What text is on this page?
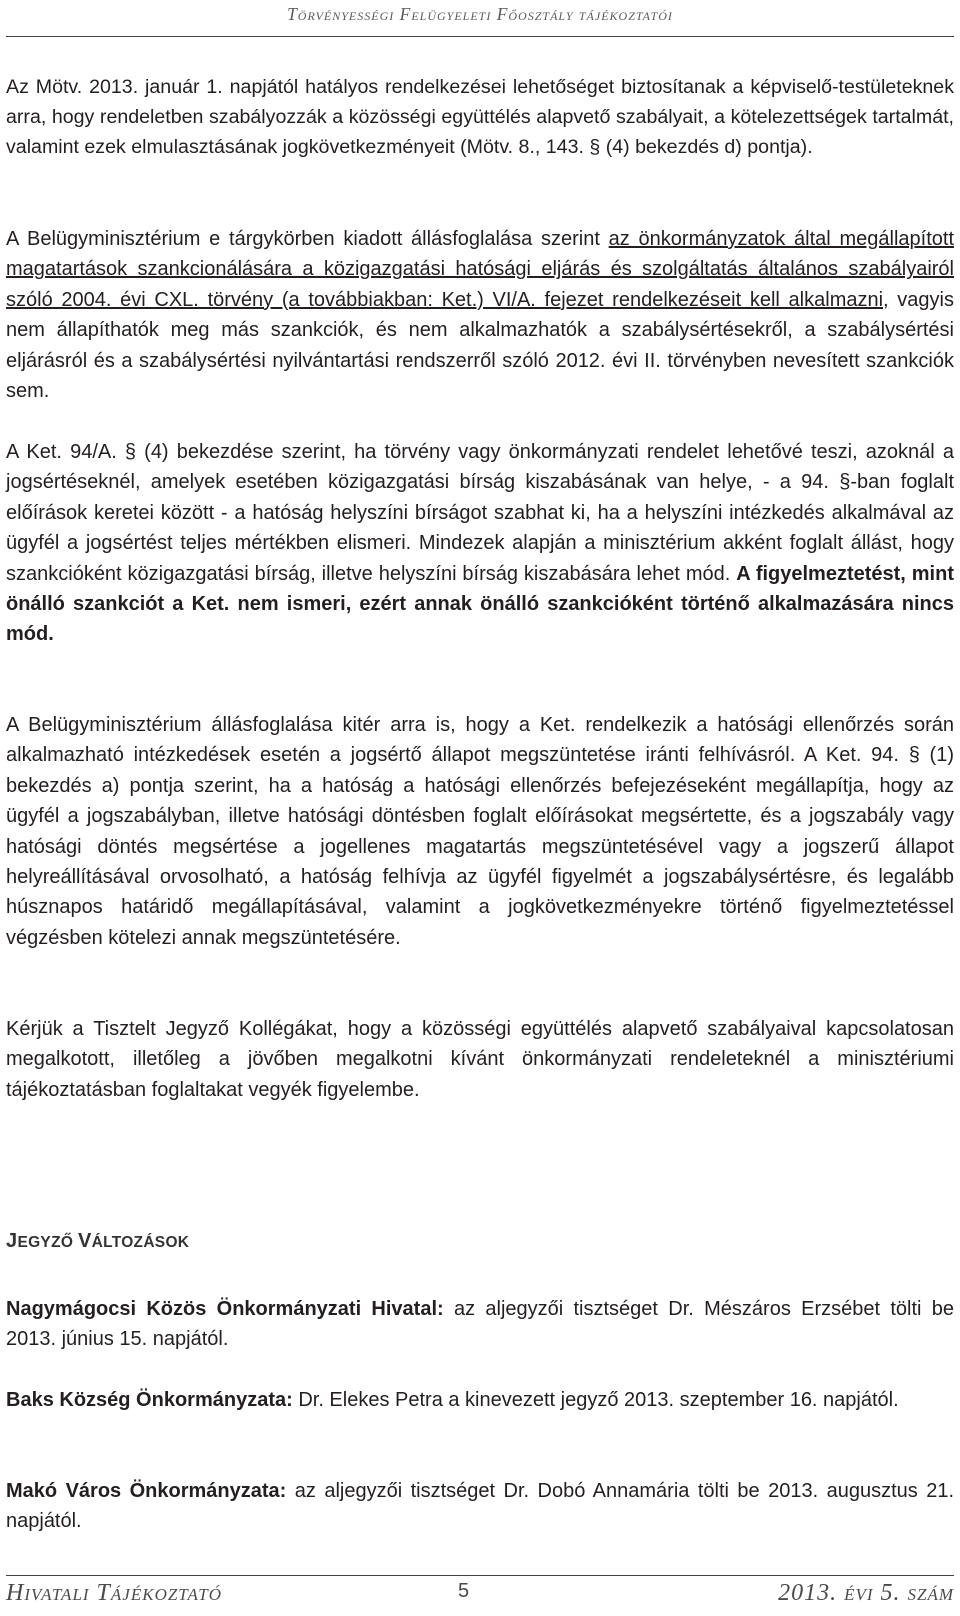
Törvényességi Felügyeleti Főosztály tájékoztatói

Az Mötv. 2013. január 1. napjától hatályos rendelkezései lehetőséget biztosítanak a képviselő-testületeknek arra, hogy rendeletben szabályozzák a közösségi együttélés alapvető szabályait, a kötelezettségek tartalmát, valamint ezek elmulasztásának jogkövetkezményeit (Mötv. 8., 143. § (4) bekezdés d) pontja).

A Belügyminisztérium e tárgykörben kiadott állásfoglalása szerint az önkormányzatok által megállapított magatartások szankcionálására a közigazgatási hatósági eljárás és szolgáltatás általános szabályairól szóló 2004. évi CXL. törvény (a továbbiakban: Ket.) VI/A. fejezet rendelkezéseit kell alkalmazni, vagyis nem állapíthatók meg más szankciók, és nem alkalmazhatók a szabálysértésekről, a szabálysértési eljárásról és a szabálysértési nyilvántartási rendszerről szóló 2012. évi II. törvényben nevesített szankciók sem.

A Ket. 94/A. § (4) bekezdése szerint, ha törvény vagy önkormányzati rendelet lehetővé teszi, azoknál a jogsértéseknél, amelyek esetében közigazgatási bírság kiszabásának van helye, - a 94. §-ban foglalt előírások keretei között - a hatóság helyszíni bírságot szabhat ki, ha a helyszíni intézkedés alkalmával az ügyfél a jogsértést teljes mértékben elismeri. Mindezek alapján a minisztérium akként foglalt állást, hogy szankcióként közigazgatási bírság, illetve helyszíni bírság kiszabására lehet mód. A figyelmeztetést, mint önálló szankciót a Ket. nem ismeri, ezért annak önálló szankcióként történő alkalmazására nincs mód.

A Belügyminisztérium állásfoglalása kitér arra is, hogy a Ket. rendelkezik a hatósági ellenőrzés során alkalmazható intézkedések esetén a jogsértő állapot megszüntetése iránti felhívásról. A Ket. 94. § (1) bekezdés a) pontja szerint, ha a hatóság a hatósági ellenőrzés befejezéseként megállapítja, hogy az ügyfél a jogszabályban, illetve hatósági döntésben foglalt előírásokat megsértette, és a jogszabály vagy hatósági döntés megsértése a jogellenes magatartás megszüntetésével vagy a jogszerű állapot helyreállításával orvosolható, a hatóság felhívja az ügyfél figyelmét a jogszabálysértésre, és legalább húsznapos határidő megállapításával, valamint a jogkövetkezményekre történő figyelmeztetéssel végzésben kötelezi annak megszüntetésére.

Kérjük a Tisztelt Jegyző Kollégákat, hogy a közösségi együttélés alapvető szabályaival kapcsolatosan megalkotott, illetőleg a jövőben megalkotni kívánt önkormányzati rendeleteknél a minisztériumi tájékoztatásban foglaltakat vegyék figyelembe.

JEGYZŐ VÁLTOZÁSOK

Nagymágocsi Közös Önkormányzati Hivatal: az aljegyzői tisztséget Dr. Mészáros Erzsébet tölti be 2013. június 15. napjától.

Baks Község Önkormányzata: Dr. Elekes Petra a kinevezett jegyző 2013. szeptember 16. napjától.

Makó Város Önkormányzata: az aljegyzői tisztséget Dr. Dobó Annamária tölti be 2013. augusztus 21. napjától.

Hivatali Tájékoztató	5	2013. évi 5. szám
